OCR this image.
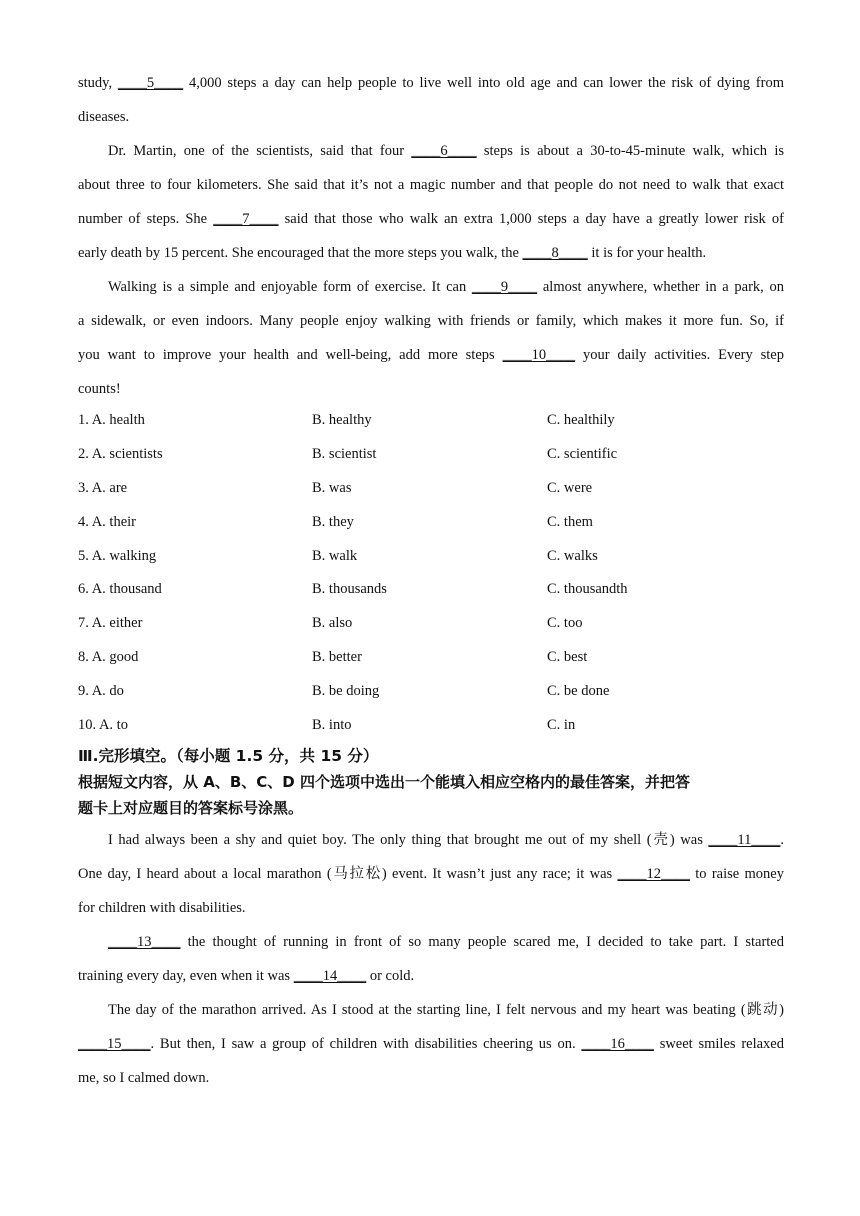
study, ____5____ 4,000 steps a day can help people to live well into old age and can lower the risk of dying from
diseases.
Dr. Martin, one of the scientists, said that four ____6____ steps is about a 30-to-45-minute walk, which is
about three to four kilometers. She said that it’s not a magic number and that people do not need to walk that exact
number of steps. She ____7____ said that those who walk an extra 1,000 steps a day have a greatly lower risk of
early death by 15 percent. She encouraged that the more steps you walk, the ____8____ it is for your health.
Walking is a simple and enjoyable form of exercise. It can ____9____ almost anywhere, whether in a park, on
a sidewalk, or even indoors. Many people enjoy walking with friends or family, which makes it more fun. So, if
you want to improve your health and well-being, add more steps ____10____ your daily activities. Every step
counts!
1. A. health	B. healthy	C. healthily
2. A. scientists	B. scientist	C. scientific
3. A. are	B. was	C. were
4. A. their	B. they	C. them
5. A. walking	B. walk	C. walks
6. A. thousand	B. thousands	C. thousandth
7. A. either	B. also	C. too
8. A. good	B. better	C. best
9. A. do	B. be doing	C. be done
10. A. to	B. into	C. in
Ⅲ.完形填空。（每小题 1.5 分，共 15 分）
根据短文内容，从 A、B、C、D 四个选项中选出一个能填入相应空格内的最佳答案，并把答
题卡上对应题目的答案标号涂黑。
I had always been a shy and quiet boy. The only thing that brought me out of my shell (壳) was ____11____.
One day, I heard about a local marathon (马拉松) event. It wasn’t just any race; it was ____12____ to raise money
for children with disabilities.
____13____ the thought of running in front of so many people scared me, I decided to take part. I started
training every day, even when it was ____14____ or cold.
The day of the marathon arrived. As I stood at the starting line, I felt nervous and my heart was beating (跳动)
____15____. But then, I saw a group of children with disabilities cheering us on. ____16____ sweet smiles relaxed
me, so I calmed down.
